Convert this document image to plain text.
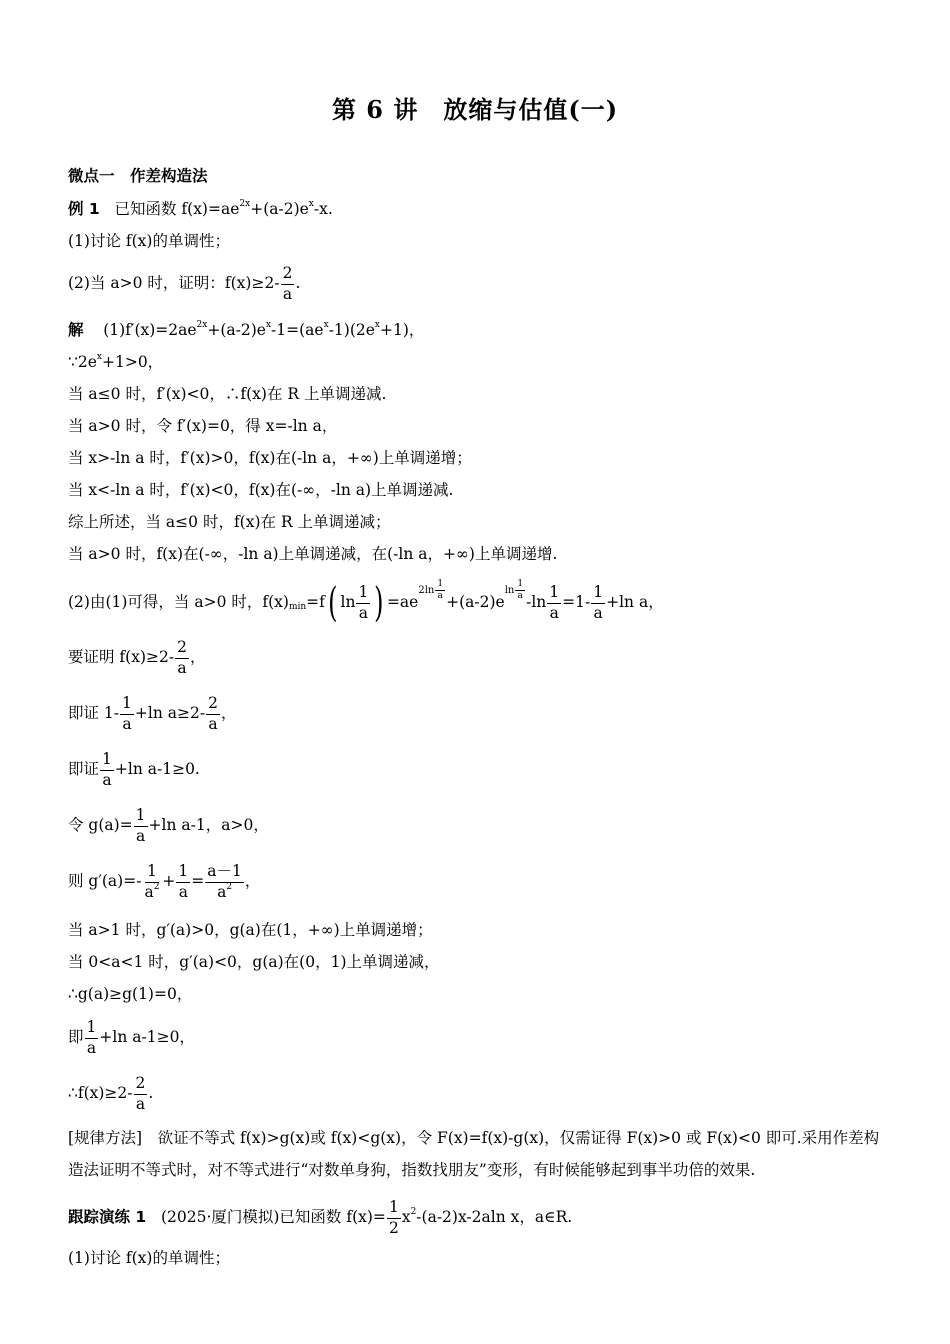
第 6 讲　放缩与估值(一)
微点一　作差构造法
例 1 已知函数 $f(x)=ae^{2x}+(a-2)e^x-x$.
(1)讨论 f(x)的单调性；
(2)当 a>0 时，证明：$f(x)\ge 2- \frac{2}{a}$ .
解 $(1)f'(x)=2ae^{2x}+(a-2)e^x-1=(ae^x-1)(2e^x+1)$，
$\because 2e^x+1>0$，
当 a≤0 时，f′(x)<0，∴f(x)在 R 上单调递减.
当 a>0 时，令 f′(x)=0，得 x=-ln a，
当 x>-ln a 时，f′(x)>0，f(x)在(-ln a，+∞)上单调递增；
当 x<-ln a 时，f′(x)<0，f(x)在(-∞，-ln a)上单调递减.
综上所述，当 a≤0 时，f(x)在 R 上单调递减；
当 a>0 时，f(x)在(-∞，-ln a)上单调递减，在(-ln a，+∞)上单调递增.
(2)由(1)可得，当 a>0 时，$f(x)_{min}=f$( $\ln \frac{1}{a}$ ) $=ae2\ln \frac{1}{a}$
$+(a-2)eln \frac{1}{a}$
$-\ln \frac{1}{a} =1- \frac{1}{a} +\ln$ a，
要证明 $f(x)\ge 2- \frac{2}{a}$ ，
即证 $1- \frac{1}{a} +\ln$ $a\ge 2- \frac{2}{a}$ ，
即证 $\frac{1}{a} +\ln$ a-1≥0.
令 $g(a)= \frac{1}{a} +\ln$ a-1，a>0，
则 $g'(a)=- \frac{1}{a^2} + \frac{1}{a} = \frac{a-1}{a^2}$ ，
当 a>1 时，g′(a)>0，g(a)在(1，+∞)上单调递增；
当 0<a<1 时，g′(a)<0，g(a)在(0，1)上单调递减，
∴g(a)≥g(1)=0，
即 $\frac{1}{a} +\ln$ a-1≥0，
∴f(x)≥2- $\frac{2}{a}$ .
[规律方法]　欲证不等式 f(x)>g(x)或 f(x)<g(x)，令 F(x)=f(x)-g(x)，仅需证得 F(x)>0 或 F(x)<0 即可.采用作差构造法证明不等式时，对不等式进行“对数单身狗，指数找朋友”变形，有时候能够起到事半功倍的效果.
跟踪演练 1 (2025·厦门模拟)已知函数 $f(x)= \frac{1}{2} x^2-(a-2)x-2aln$ x，a∈R.
(1)讨论 f(x)的单调性；
